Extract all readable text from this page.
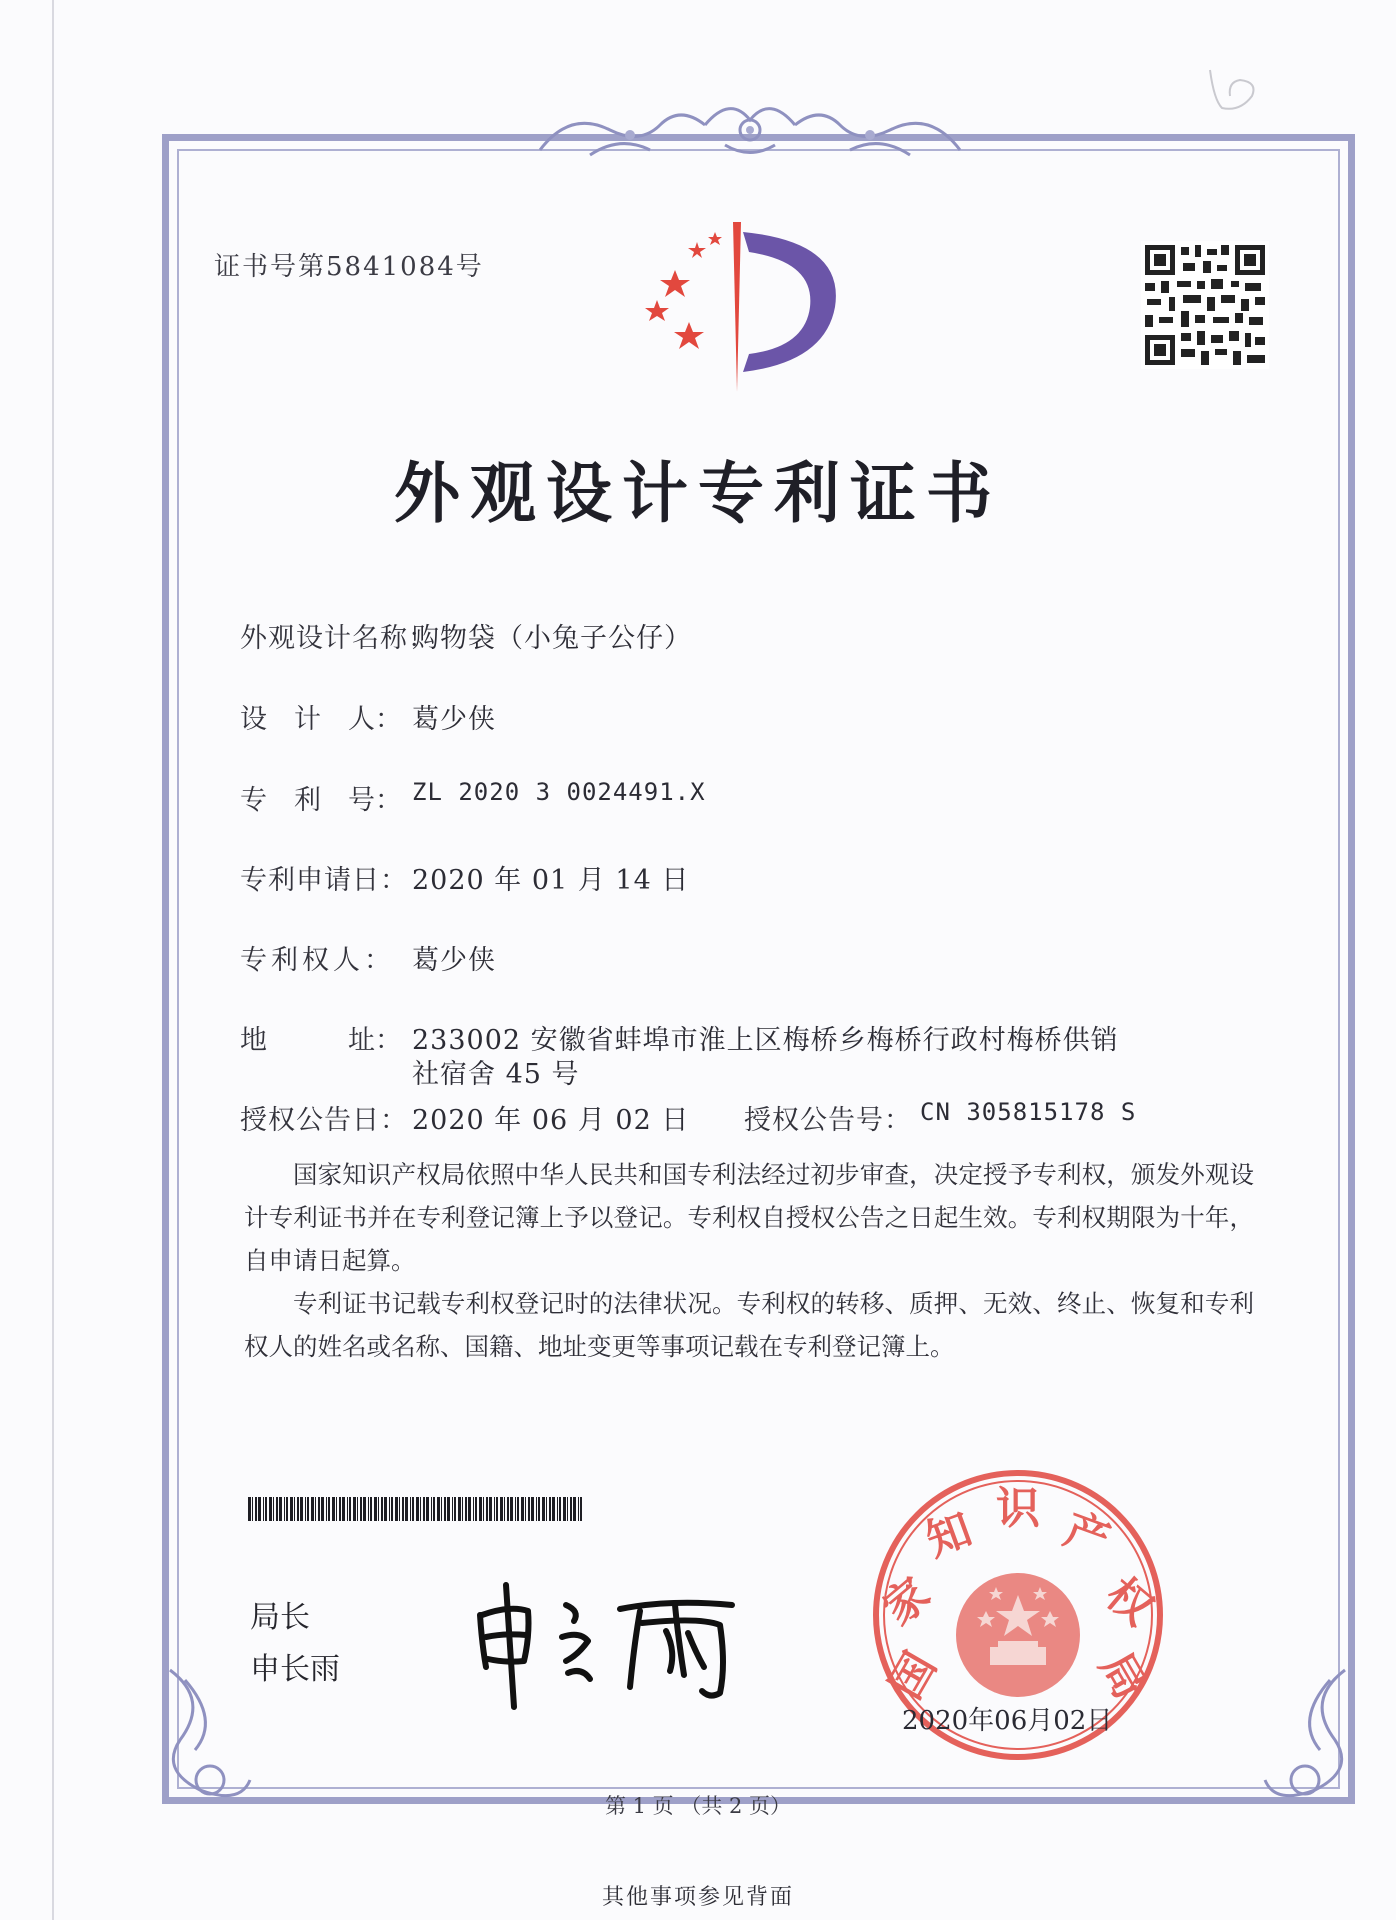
证书号第5841084号

外观设计专利证书
外观设计名称：
购物袋（小兔子公仔）
设　计　人： 葛少侠
专　利　号： ZL 2020 3 0024491.X
专利申请日： 2020 年 01 月 14 日
专利权人： 葛少侠
地　　　址： 233002 安徽省蚌埠市淮上区梅桥乡梅桥行政村梅桥供销
社宿舍 45 号
授权公告日： 2020 年 06 月 02 日 授权公告号： CN 305815178 S

国家知识产权局依照中华人民共和国专利法经过初步审查，决定授予专利权，颁发外观设计专利证书并在专利登记簿上予以登记。专利权自授权公告之日起生效。专利权期限为十年，自申请日起算。

专利证书记载专利权登记时的法律状况。专利权的转移、质押、无效、终止、恢复和专利权人的姓名或名称、国籍、地址变更等事项记载在专利登记簿上。

局长
申长雨	国
家
知 识 产
权
局
2020年06月02日
第 1 页 （共 2 页）
其他事项参见背面
